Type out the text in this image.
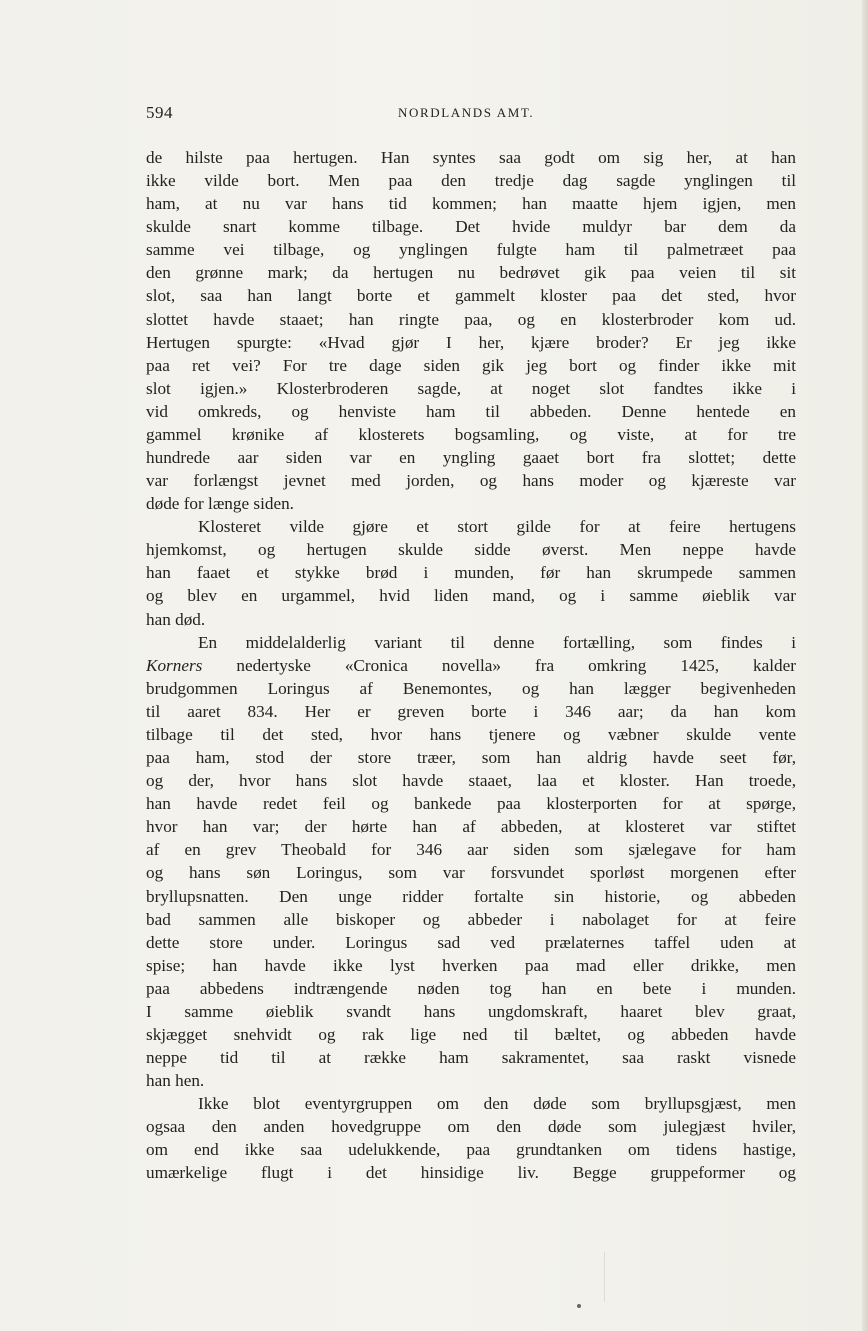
594	NORDLANDS AMT.
de hilste paa hertugen. Han syntes saa godt om sig her, at han
ikke vilde bort. Men paa den tredje dag sagde ynglingen til
ham, at nu var hans tid kommen; han maatte hjem igjen, men
skulde snart komme tilbage. Det hvide muldyr bar dem da
samme vei tilbage, og ynglingen fulgte ham til palmetræet paa
den grønne mark; da hertugen nu bedrøvet gik paa veien til sit
slot, saa han langt borte et gammelt kloster paa det sted, hvor
slottet havde staaet; han ringte paa, og en klosterbroder kom ud.
Hertugen spurgte: «Hvad gjør I her, kjære broder? Er jeg ikke
paa ret vei? For tre dage siden gik jeg bort og finder ikke mit
slot igjen.» Klosterbroderen sagde, at noget slot fandtes ikke i
vid omkreds, og henviste ham til abbeden. Denne hentede en
gammel krønike af klosterets bogsamling, og viste, at for tre
hundrede aar siden var en yngling gaaet bort fra slottet; dette
var forlængst jevnet med jorden, og hans moder og kjæreste var
døde for længe siden.
Klosteret vilde gjøre et stort gilde for at feire hertugens
hjemkomst, og hertugen skulde sidde øverst. Men neppe havde
han faaet et stykke brød i munden, før han skrumpede sammen
og blev en urgammel, hvid liden mand, og i samme øieblik var
han død.
En middelalderlig variant til denne fortælling, som findes i
Korners nedertyske «Cronica novella» fra omkring 1425, kalder
brudgommen Loringus af Benemontes, og han lægger begivenheden
til aaret 834. Her er greven borte i 346 aar; da han kom
tilbage til det sted, hvor hans tjenere og væbner skulde vente
paa ham, stod der store træer, som han aldrig havde seet før,
og der, hvor hans slot havde staaet, laa et kloster. Han troede,
han havde redet feil og bankede paa klosterporten for at spørge,
hvor han var; der hørte han af abbeden, at klosteret var stiftet
af en grev Theobald for 346 aar siden som sjælegave for ham
og hans søn Loringus, som var forsvundet sporløst morgenen efter
bryllupsnatten. Den unge ridder fortalte sin historie, og abbeden
bad sammen alle biskoper og abbeder i nabolaget for at feire
dette store under. Loringus sad ved prælaternes taffel uden at
spise; han havde ikke lyst hverken paa mad eller drikke, men
paa abbedens indtrængende nøden tog han en bete i munden.
I samme øieblik svandt hans ungdomskraft, haaret blev graat,
skjægget snehvidt og rak lige ned til bæltet, og abbeden havde
neppe tid til at række ham sakramentet, saa raskt visnede
han hen.
Ikke blot eventyrgruppen om den døde som bryllupsgjæst, men
ogsaa den anden hovedgruppe om den døde som julegjæst hviler,
om end ikke saa udelukkende, paa grundtanken om tidens hastige,
umærkelige flugt i det hinsidige liv. Begge gruppeformer og
